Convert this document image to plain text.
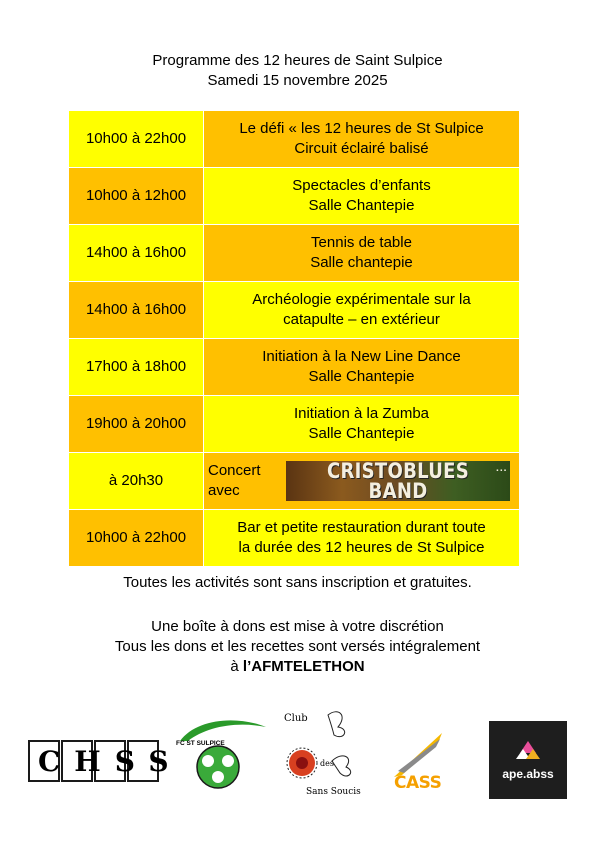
Programme des 12 heures de Saint Sulpice
Samedi 15 novembre 2025
10h00 à 22h00	Le défi « les 12 heures de St Sulpice
Circuit éclairé balisé

10h00 à 12h00	Spectacles d’enfants
Salle Chantepie

14h00 à 16h00	Tennis de table
Salle chantepie

14h00 à 16h00	Archéologie expérimentale sur la
catapulte – en extérieur

17h00 à 18h00	Initiation à la New Line Dance
Salle Chantepie

19h00 à 20h00	Initiation à la Zumba
Salle Chantepie

à 20h30	Concert
avec
CRISTOBLUES BAND
▪ ▪ ▪

10h00 à 22h00	Bar et petite restauration durant toute
la durée des 12 heures de St Sulpice
Toutes les activités sont sans inscription et gratuites.
Une boîte à dons est mise à votre discrétion
Tous les dons et les recettes sont versés intégralement
à l’AFMTELETHON
CHSS
FC ST SULPICE
Club
des
Sans Soucis CASS	ape.abss
